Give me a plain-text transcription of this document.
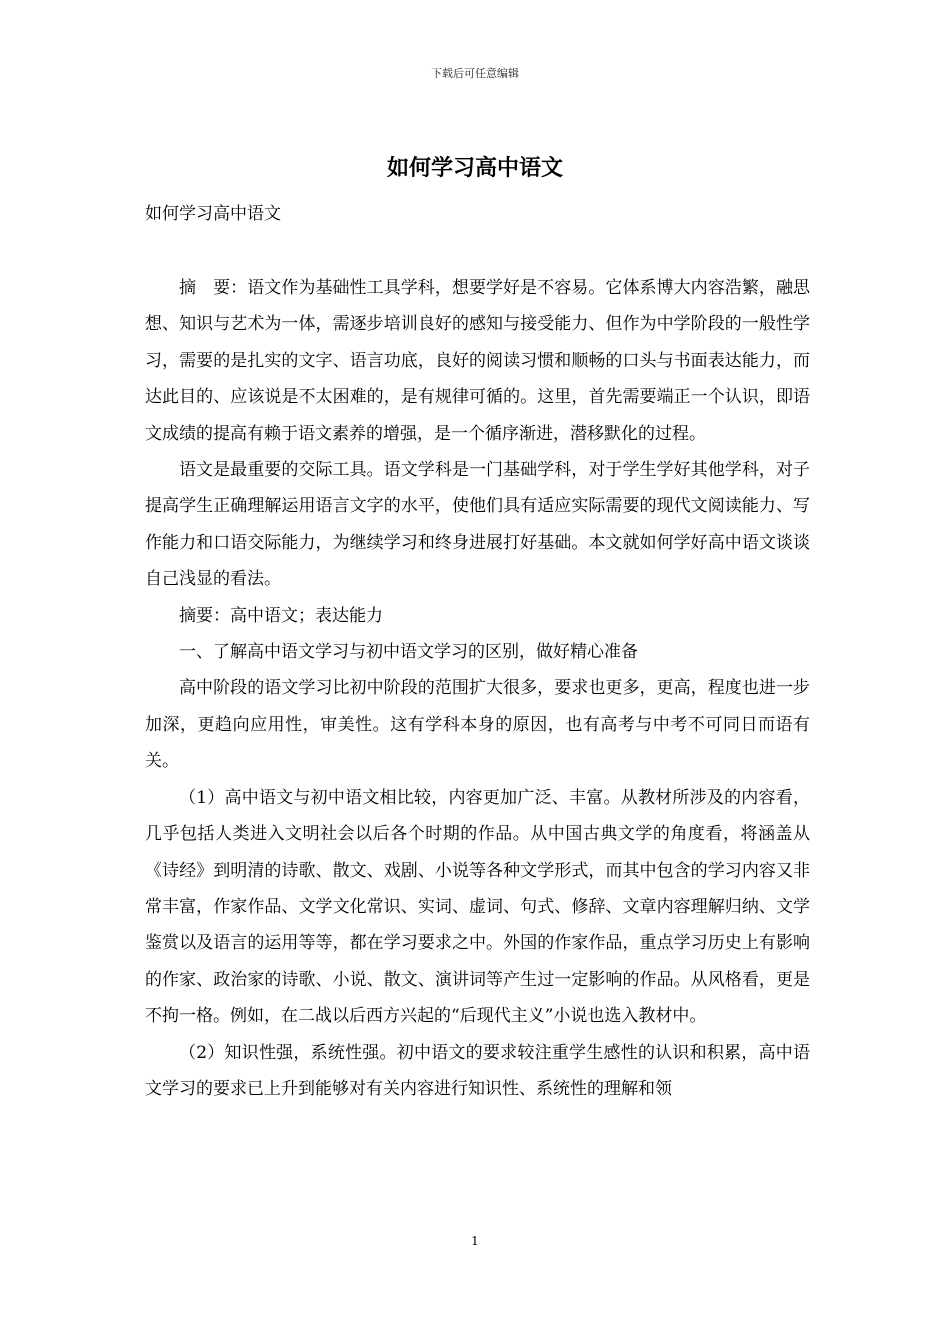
下载后可任意编辑
如何学习高中语文
如何学习高中语文

摘　要：语文作为基础性工具学科，想要学好是不容易。它体系博大内容浩繁，融思想、知识与艺术为一体，需逐步培训良好的感知与接受能力、但作为中学阶段的一般性学习，需要的是扎实的文字、语言功底，良好的阅读习惯和顺畅的口头与书面表达能力，而达此目的、应该说是不太困难的，是有规律可循的。这里，首先需要端正一个认识，即语文成绩的提高有赖于语文素养的增强，是一个循序渐进，潜移默化的过程。

语文是最重要的交际工具。语文学科是一门基础学科，对于学生学好其他学科，对子提高学生正确理解运用语言文字的水平，使他们具有适应实际需要的现代文阅读能力、写作能力和口语交际能力，为继续学习和终身进展打好基础。本文就如何学好高中语文谈谈自己浅显的看法。

摘要：高中语文；表达能力

一、了解高中语文学习与初中语文学习的区别，做好精心准备

高中阶段的语文学习比初中阶段的范围扩大很多，要求也更多，更高，程度也进一步加深，更趋向应用性，审美性。这有学科本身的原因，也有高考与中考不可同日而语有关。

（1）高中语文与初中语文相比较，内容更加广泛、丰富。从教材所涉及的内容看，几乎包括人类进入文明社会以后各个时期的作品。从中国古典文学的角度看，将涵盖从《诗经》到明清的诗歌、散文、戏剧、小说等各种文学形式，而其中包含的学习内容又非常丰富，作家作品、文学文化常识、实词、虚词、句式、修辞、文章内容理解归纳、文学鉴赏以及语言的运用等等，都在学习要求之中。外国的作家作品，重点学习历史上有影响的作家、政治家的诗歌、小说、散文、演讲词等产生过一定影响的作品。从风格看，更是不拘一格。例如，在二战以后西方兴起的“后现代主义”小说也选入教材中。

（2）知识性强，系统性强。初中语文的要求较注重学生感性的认识和积累，高中语文学习的要求已上升到能够对有关内容进行知识性、系统性的理解和领

1
